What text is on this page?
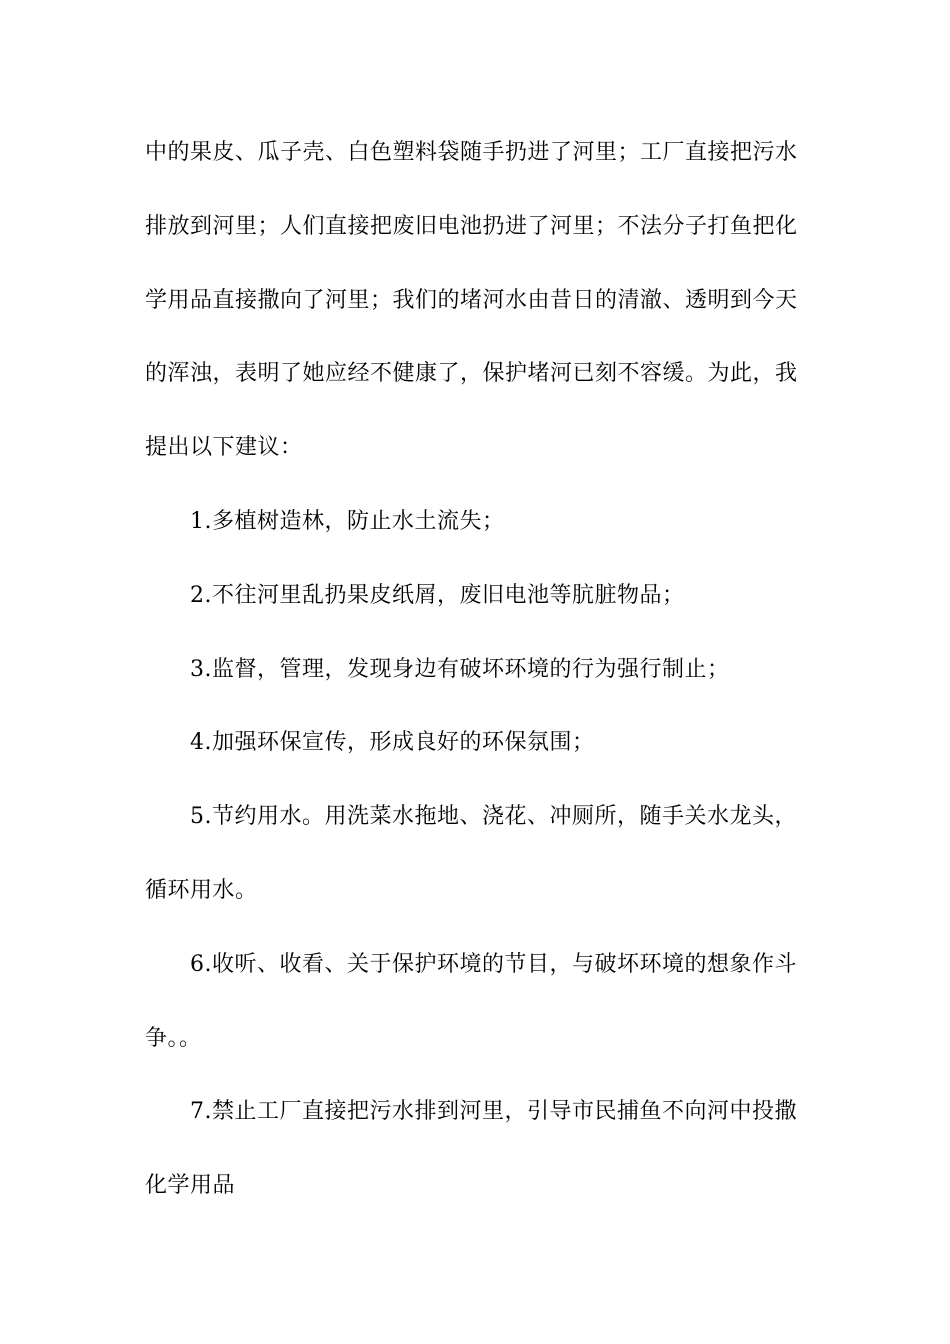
中的果皮、瓜子壳、白色塑料袋随手扔进了河里；工厂直接把污水
排放到河里；人们直接把废旧电池扔进了河里；不法分子打鱼把化
学用品直接撒向了河里；我们的堵河水由昔日的清澈、透明到今天
的浑浊，表明了她应经不健康了，保护堵河已刻不容缓。为此，我
提出以下建议：
1.多植树造林，防止水土流失；
2.不往河里乱扔果皮纸屑，废旧电池等肮脏物品；
3.监督，管理，发现身边有破坏环境的行为强行制止；
4.加强环保宣传，形成良好的环保氛围；
5.节约用水。用洗菜水拖地、浇花、冲厕所，随手关水龙头，
循环用水。
6.收听、收看、关于保护环境的节目，与破坏环境的想象作斗
争。。
7.禁止工厂直接把污水排到河里，引导市民捕鱼不向河中投撒
化学用品
